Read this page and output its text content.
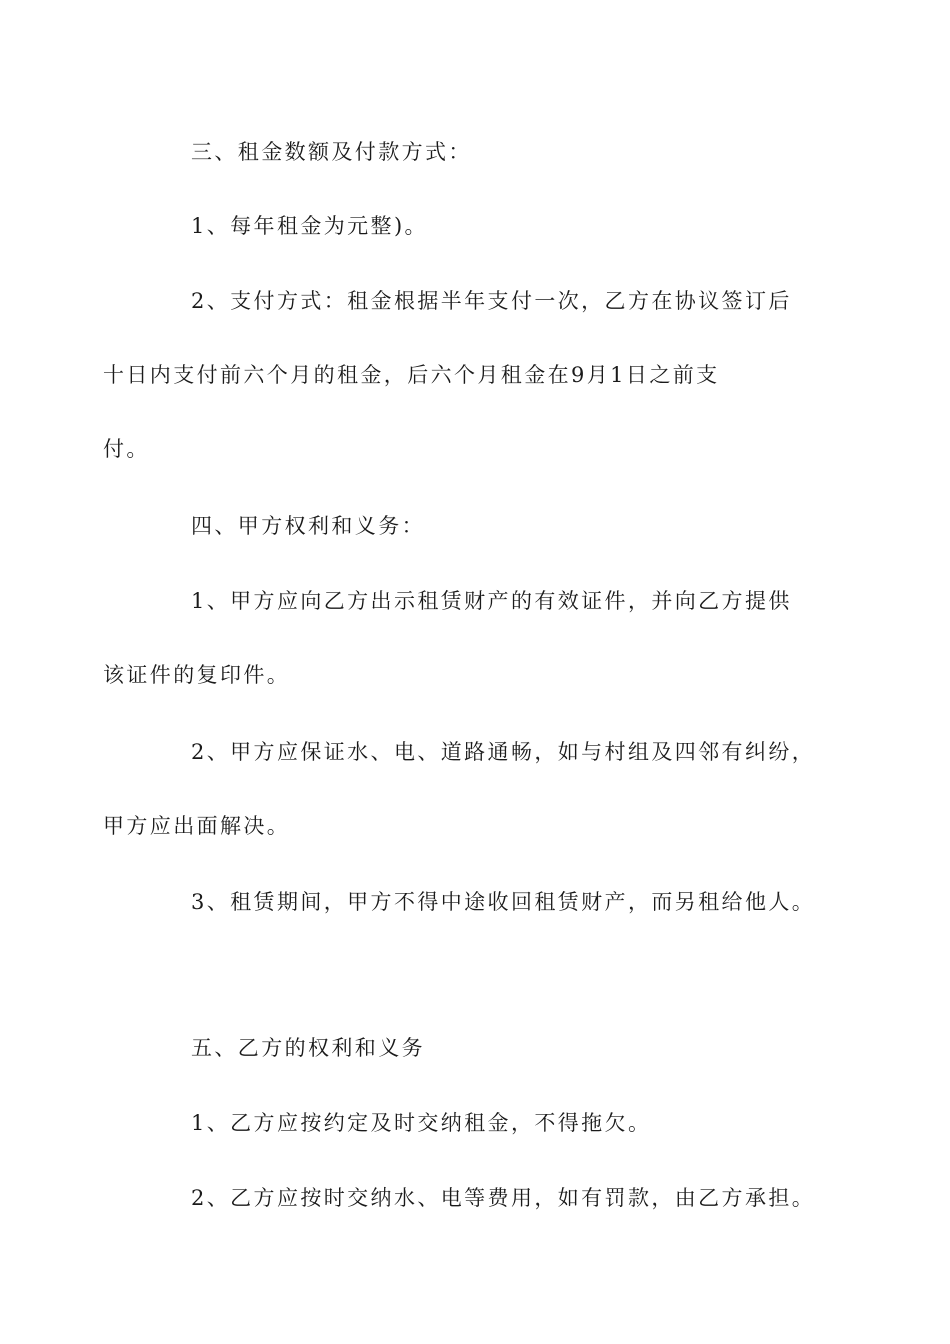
三、租金数额及付款方式：

1、每年租金为元整)。

2、支付方式：租金根据半年支付一次，乙方在协议签订后
十日内支付前六个月的租金，后六个月租金在9月1日之前支
付。

四、甲方权利和义务：

1、甲方应向乙方出示租赁财产的有效证件，并向乙方提供
该证件的复印件。

2、甲方应保证水、电、道路通畅，如与村组及四邻有纠纷，
甲方应出面解决。

3、租赁期间，甲方不得中途收回租赁财产，而另租给他人。

五、乙方的权利和义务

1、乙方应按约定及时交纳租金，不得拖欠。

2、乙方应按时交纳水、电等费用，如有罚款，由乙方承担。
